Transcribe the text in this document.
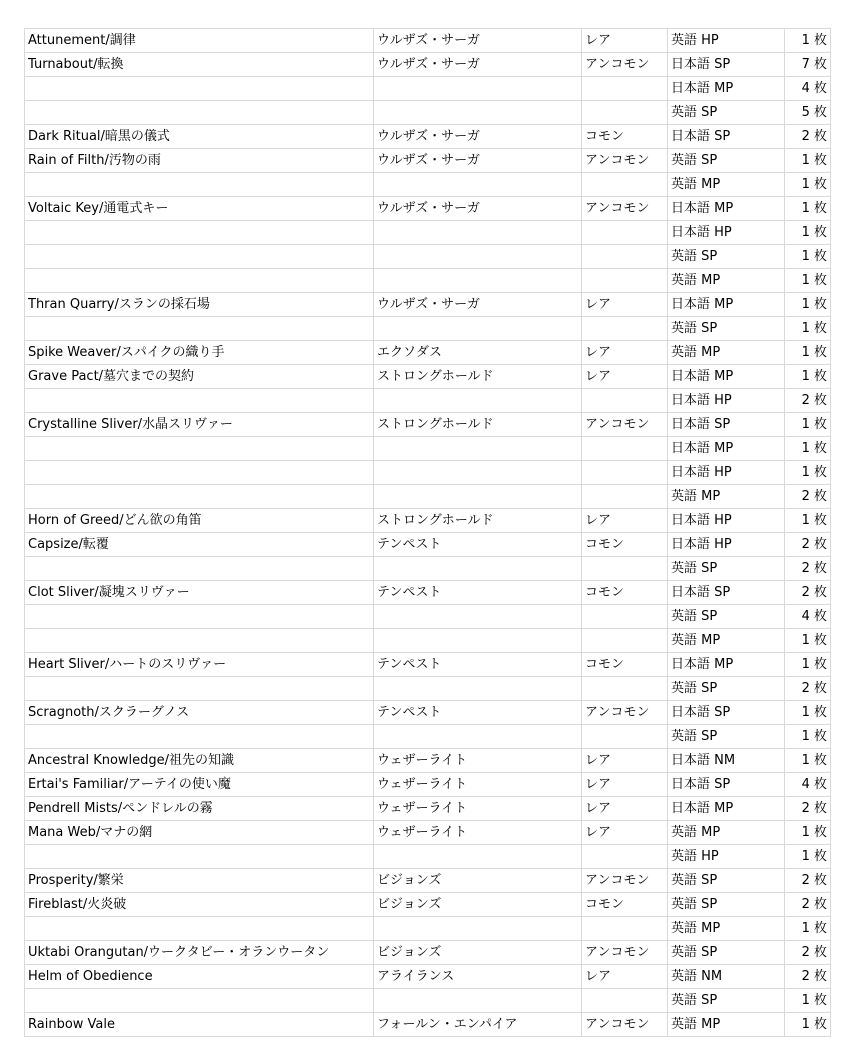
Attunement/調律	ウルザズ・サーガ	レア	英語 HP	1 枚
Turnabout/転換	ウルザズ・サーガ	アンコモン	日本語 SP	7 枚
			日本語 MP	4 枚
			英語 SP	5 枚
Dark Ritual/暗黒の儀式	ウルザズ・サーガ	コモン	日本語 SP	2 枚
Rain of Filth/汚物の雨	ウルザズ・サーガ	アンコモン	英語 SP	1 枚
			英語 MP	1 枚
Voltaic Key/通電式キー	ウルザズ・サーガ	アンコモン	日本語 MP	1 枚
			日本語 HP	1 枚
			英語 SP	1 枚
			英語 MP	1 枚
Thran Quarry/スランの採石場	ウルザズ・サーガ	レア	日本語 MP	1 枚
			英語 SP	1 枚
Spike Weaver/スパイクの織り手	エクソダス	レア	英語 MP	1 枚
Grave Pact/墓穴までの契約	ストロングホールド	レア	日本語 MP	1 枚
			日本語 HP	2 枚
Crystalline Sliver/水晶スリヴァー	ストロングホールド	アンコモン	日本語 SP	1 枚
			日本語 MP	1 枚
			日本語 HP	1 枚
			英語 MP	2 枚
Horn of Greed/どん欲の角笛	ストロングホールド	レア	日本語 HP	1 枚
Capsize/転覆	テンペスト	コモン	日本語 HP	2 枚
			英語 SP	2 枚
Clot Sliver/凝塊スリヴァー	テンペスト	コモン	日本語 SP	2 枚
			英語 SP	4 枚
			英語 MP	1 枚
Heart Sliver/ハートのスリヴァー	テンペスト	コモン	日本語 MP	1 枚
			英語 SP	2 枚
Scragnoth/スクラーグノス	テンペスト	アンコモン	日本語 SP	1 枚
			英語 SP	1 枚
Ancestral Knowledge/祖先の知識	ウェザーライト	レア	日本語 NM	1 枚
Ertai's Familiar/アーテイの使い魔	ウェザーライト	レア	日本語 SP	4 枚
Pendrell Mists/ペンドレルの霧	ウェザーライト	レア	日本語 MP	2 枚
Mana Web/マナの網	ウェザーライト	レア	英語 MP	1 枚
			英語 HP	1 枚
Prosperity/繁栄	ビジョンズ	アンコモン	英語 SP	2 枚
Fireblast/火炎破	ビジョンズ	コモン	英語 SP	2 枚
			英語 MP	1 枚
Uktabi Orangutan/ウークタビー・オランウータン	ビジョンズ	アンコモン	英語 SP	2 枚
Helm of Obedience	アライランス	レア	英語 NM	2 枚
			英語 SP	1 枚
Rainbow Vale	フォールン・エンパイア	アンコモン	英語 MP	1 枚
